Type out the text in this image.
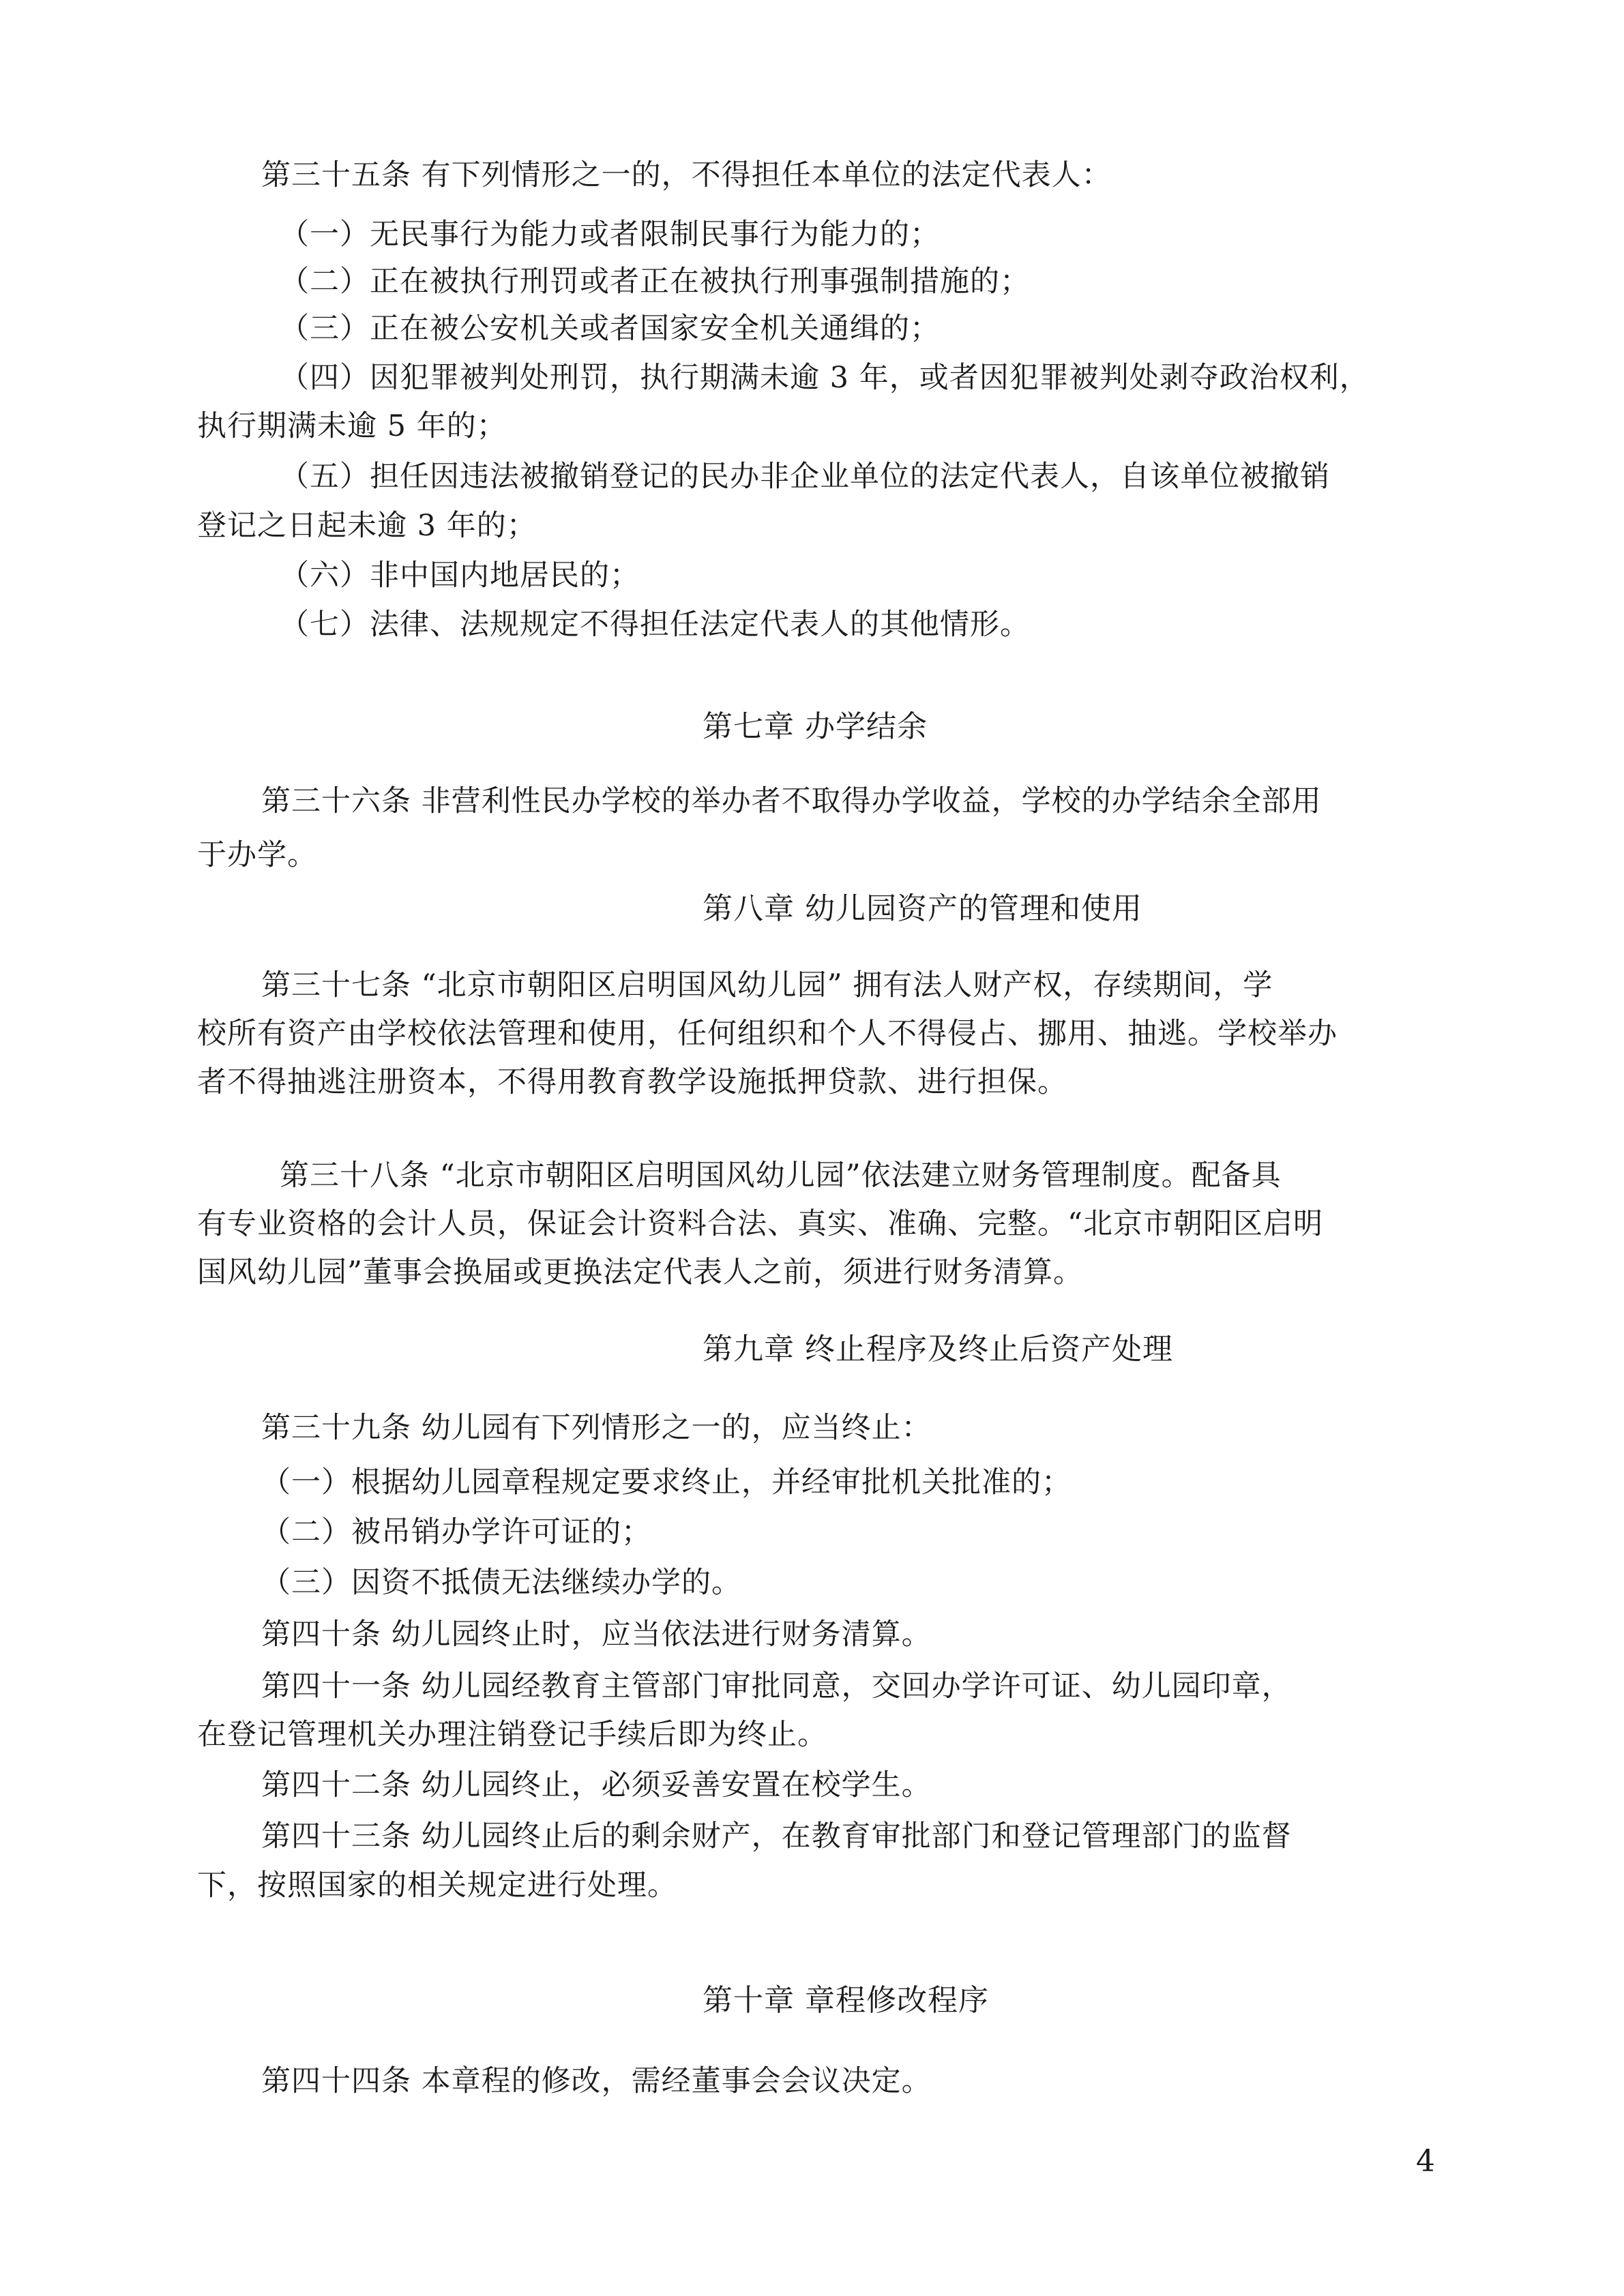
第三十五条 有下列情形之一的，不得担任本单位的法定代表人：
（一）无民事行为能力或者限制民事行为能力的；
（二）正在被执行刑罚或者正在被执行刑事强制措施的；
（三）正在被公安机关或者国家安全机关通缉的；
（四）因犯罪被判处刑罚，执行期满未逾 3 年，或者因犯罪被判处剥夺政治权利，
执行期满未逾 5 年的；
（五）担任因违法被撤销登记的民办非企业单位的法定代表人，自该单位被撤销
登记之日起未逾 3 年的；
（六）非中国内地居民的；
（七）法律、法规规定不得担任法定代表人的其他情形。
第七章 办学结余
第三十六条 非营利性民办学校的举办者不取得办学收益，学校的办学结余全部用
于办学。
第八章 幼儿园资产的管理和使用
第三十七条 “北京市朝阳区启明国风幼儿园” 拥有法人财产权，存续期间，学
校所有资产由学校依法管理和使用，任何组织和个人不得侵占、挪用、抽逃。学校举办
者不得抽逃注册资本，不得用教育教学设施抵押贷款、进行担保。
第三十八条 “北京市朝阳区启明国风幼儿园”依法建立财务管理制度。配备具
有专业资格的会计人员，保证会计资料合法、真实、准确、完整。“北京市朝阳区启明
国风幼儿园”董事会换届或更换法定代表人之前，须进行财务清算。
第九章 终止程序及终止后资产处理
第三十九条 幼儿园有下列情形之一的，应当终止：
（一）根据幼儿园章程规定要求终止，并经审批机关批准的；
（二）被吊销办学许可证的；
（三）因资不抵债无法继续办学的。
第四十条 幼儿园终止时，应当依法进行财务清算。
第四十一条 幼儿园经教育主管部门审批同意，交回办学许可证、幼儿园印章，
在登记管理机关办理注销登记手续后即为终止。
第四十二条 幼儿园终止，必须妥善安置在校学生。
第四十三条 幼儿园终止后的剩余财产，在教育审批部门和登记管理部门的监督
下，按照国家的相关规定进行处理。
第十章 章程修改程序
第四十四条 本章程的修改，需经董事会会议决定。
4
